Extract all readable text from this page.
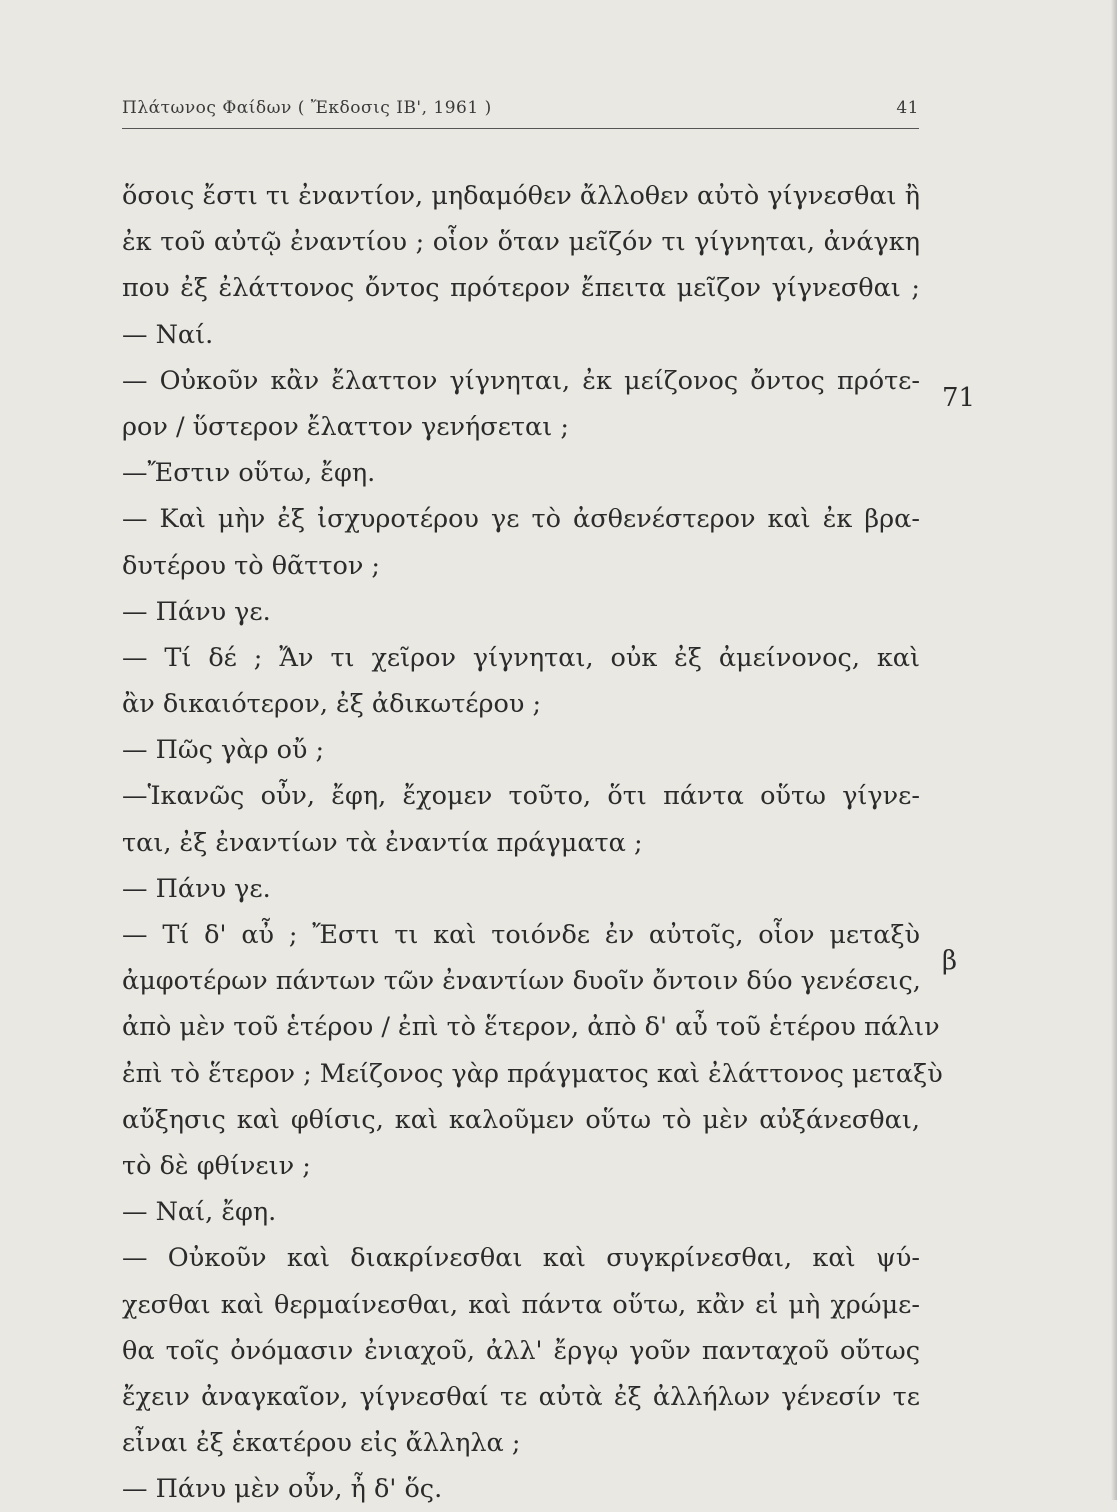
Πλάτωνος Φαίδων ( Ἔκδοσις ΙΒ', 1961 )	41
ὅσοις ἔστι τι ἐναντίον, μηδαμόθεν ἄλλοθεν αὐτὸ γίγνεσθαι ἢ
ἐκ τοῦ αὐτῷ ἐναντίου ; οἷον ὅταν μεῖζόν τι γίγνηται, ἀνάγκη
που ἐξ ἐλάττονος ὄντος πρότερον ἔπειτα μεῖζον γίγνεσθαι ;
— Ναί.
— Οὐκοῦν κἂν ἔλαττον γίγνηται, ἐκ μείζονος ὄντος πρότε-
ρον / ὕστερον ἔλαττον γενήσεται ;
—Ἔστιν οὕτω, ἔφη.
— Καὶ μὴν ἐξ ἰσχυροτέρου γε τὸ ἀσθενέστερον καὶ ἐκ βρα-
δυτέρου τὸ θᾶττον ;
— Πάνυ γε.
— Τί δέ ; Ἄν τι χεῖρον γίγνηται, οὐκ ἐξ ἀμείνονος, καὶ
ἂν δικαιότερον, ἐξ ἀδικωτέρου ;
— Πῶς γὰρ οὔ ;
—Ἱκανῶς οὖν, ἔφη, ἔχομεν τοῦτο, ὅτι πάντα οὕτω γίγνε-
ται, ἐξ ἐναντίων τὰ ἐναντία πράγματα ;
— Πάνυ γε.
— Τί δ' αὖ ; Ἔστι τι καὶ τοιόνδε ἐν αὐτοῖς, οἷον μεταξὺ
ἀμφοτέρων πάντων τῶν ἐναντίων δυοῖν ὄντοιν δύο γενέσεις,
ἀπὸ μὲν τοῦ ἑτέρου / ἐπὶ τὸ ἕτερον, ἀπὸ δ' αὖ τοῦ ἑτέρου πάλιν
ἐπὶ τὸ ἕτερον ; Μείζονος γὰρ πράγματος καὶ ἐλάττονος μεταξὺ
αὔξησις καὶ φθίσις, καὶ καλοῦμεν οὕτω τὸ μὲν αὐξάνεσθαι,
τὸ δὲ φθίνειν ;
— Ναί, ἔφη.
— Οὐκοῦν καὶ διακρίνεσθαι καὶ συγκρίνεσθαι, καὶ ψύ-
χεσθαι καὶ θερμαίνεσθαι, καὶ πάντα οὕτω, κἂν εἰ μὴ χρώμε-
θα τοῖς ὀνόμασιν ἐνιαχοῦ, ἀλλ' ἔργῳ γοῦν πανταχοῦ οὕτως
ἔχειν ἀναγκαῖον, γίγνεσθαί τε αὐτὰ ἐξ ἀλλήλων γένεσίν τε
εἶναι ἐξ ἑκατέρου εἰς ἄλληλα ;
— Πάνυ μὲν οὖν, ἦ δ' ὅς.
71
β
